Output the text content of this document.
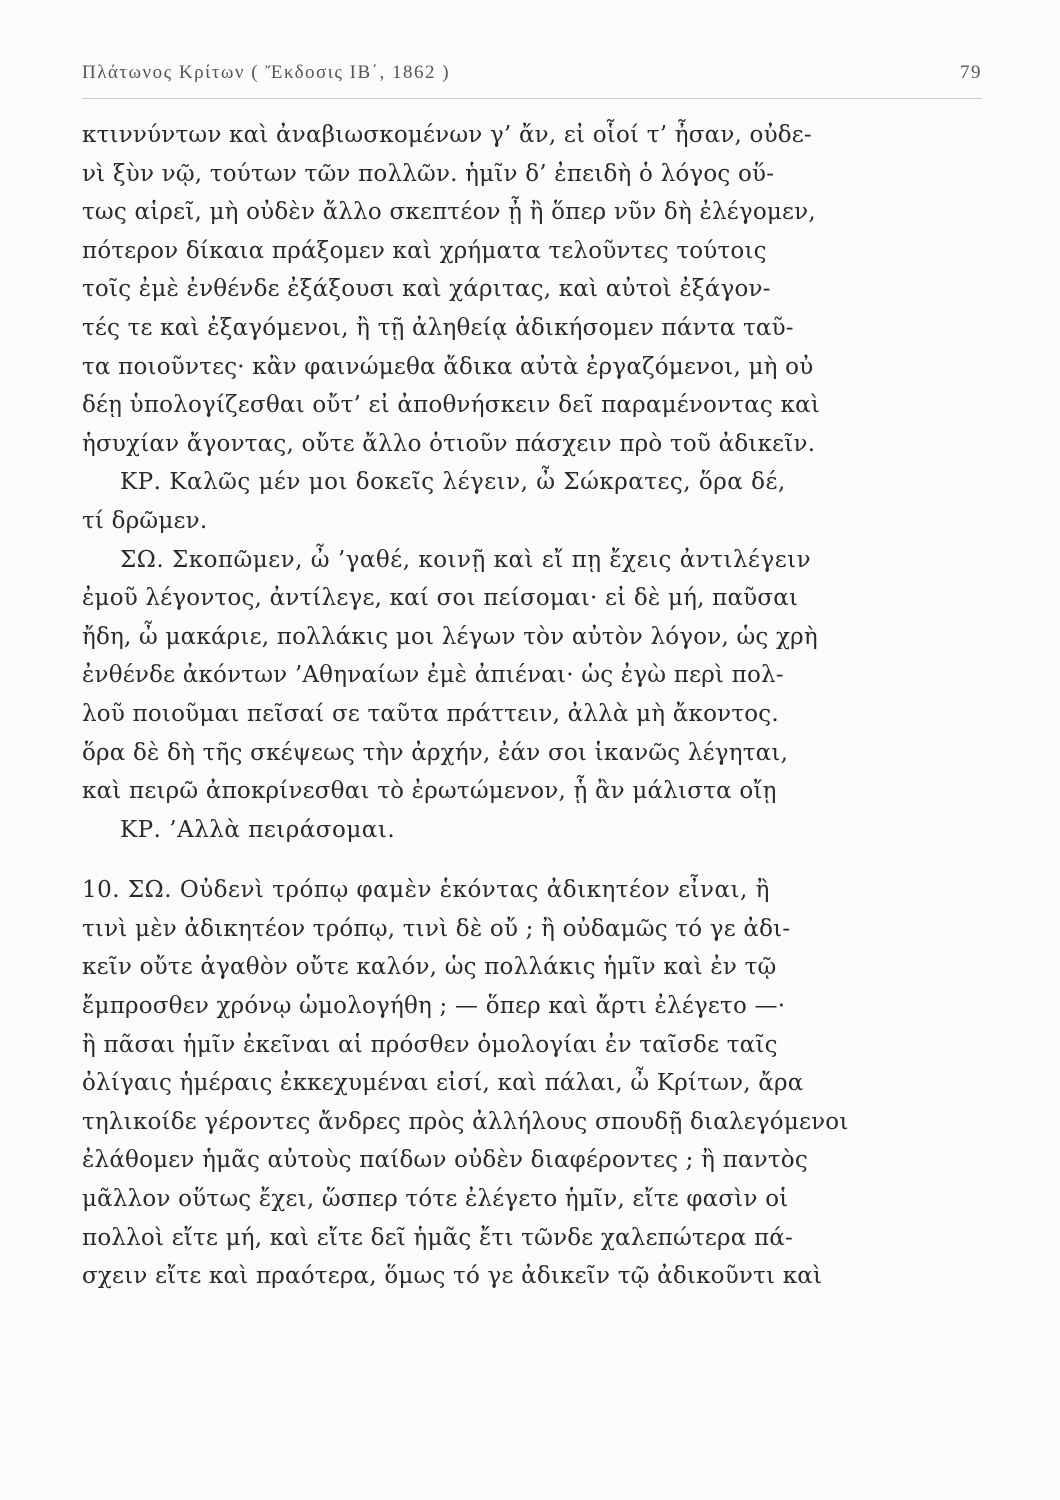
Πλάτωνος Κρίτων ( Ἔκδοσις ΙΒ΄, 1862 )	79
κτιννύντων καὶ ἀναβιωσκομένων γ’ ἄν, εἰ οἷοί τ’ ἦσαν, οὐδε-
νὶ ξὺν νῷ, τούτων τῶν πολλῶν. ἡμῖν δ’ ἐπειδὴ ὁ λόγος οὕ-
τως αἱρεῖ, μὴ οὐδὲν ἄλλο σκεπτέον ᾖ ἢ ὅπερ νῦν δὴ ἐλέγομεν,
πότερον δίκαια πράξομεν καὶ χρήματα τελοῦντες τούτοις
τοῖς ἐμὲ ἐνθένδε ἐξάξουσι καὶ χάριτας, καὶ αὐτοὶ ἐξάγον-
τές τε καὶ ἐξαγόμενοι, ἢ τῇ ἀληθείᾳ ἀδικήσομεν πάντα ταῦ-
τα ποιοῦντες· κἂν φαινώμεθα ἄδικα αὐτὰ ἐργαζόμενοι, μὴ οὐ
δέῃ ὑπολογίζεσθαι οὔτ’ εἰ ἀποθνήσκειν δεῖ παραμένοντας καὶ
ἡσυχίαν ἄγοντας, οὔτε ἄλλο ὁτιοῦν πάσχειν πρὸ τοῦ ἀδικεῖν.
ΚΡ. Καλῶς μέν μοι δοκεῖς λέγειν, ὦ Σώκρατες, ὅρα δέ,
τί δρῶμεν.
ΣΩ. Σκοπῶμεν, ὦ ’γαθέ, κοινῇ καὶ εἴ πῃ ἔχεις ἀντιλέγειν
ἐμοῦ λέγοντος, ἀντίλεγε, καί σοι πείσομαι· εἰ δὲ μή, παῦσαι
ἤδη, ὦ μακάριε, πολλάκις μοι λέγων τὸν αὐτὸν λόγον, ὡς χρὴ
ἐνθένδε ἀκόντων ’Αθηναίων ἐμὲ ἀπιέναι· ὡς ἐγὼ περὶ πολ-
λοῦ ποιοῦμαι πεῖσαί σε ταῦτα πράττειν, ἀλλὰ μὴ ἄκοντος.
ὅρα δὲ δὴ τῆς σκέψεως τὴν ἀρχήν, ἐάν σοι ἱκανῶς λέγηται,
καὶ πειρῶ ἀποκρίνεσθαι τὸ ἐρωτώμενον, ᾗ ἂν μάλιστα οἴῃ
ΚΡ. ’Αλλὰ πειράσομαι.
10. ΣΩ. Οὐδενὶ τρόπῳ φαμὲν ἑκόντας ἀδικητέον εἶναι, ἢ
τινὶ μὲν ἀδικητέον τρόπῳ, τινὶ δὲ οὔ ; ἢ οὐδαμῶς τό γε ἀδι-
κεῖν οὔτε ἀγαθὸν οὔτε καλόν, ὡς πολλάκις ἡμῖν καὶ ἐν τῷ
ἔμπροσθεν χρόνῳ ὡμολογήθη ; — ὅπερ καὶ ἄρτι ἐλέγετο —·
ἢ πᾶσαι ἡμῖν ἐκεῖναι αἱ πρόσθεν ὁμολογίαι ἐν ταῖσδε ταῖς
ὀλίγαις ἡμέραις ἐκκεχυμέναι εἰσί, καὶ πάλαι, ὦ Κρίτων, ἄρα
τηλικοίδε γέροντες ἄνδρες πρὸς ἀλλήλους σπουδῇ διαλεγόμενοι
ἐλάθομεν ἡμᾶς αὐτοὺς παίδων οὐδὲν διαφέροντες ; ἢ παντὸς
μᾶλλον οὕτως ἔχει, ὥσπερ τότε ἐλέγετο ἡμῖν, εἴτε φασὶν οἱ
πολλοὶ εἴτε μή, καὶ εἴτε δεῖ ἡμᾶς ἔτι τῶνδε χαλεπώτερα πά-
σχειν εἴτε καὶ πραότερα, ὅμως τό γε ἀδικεῖν τῷ ἀδικοῦντι καὶ
